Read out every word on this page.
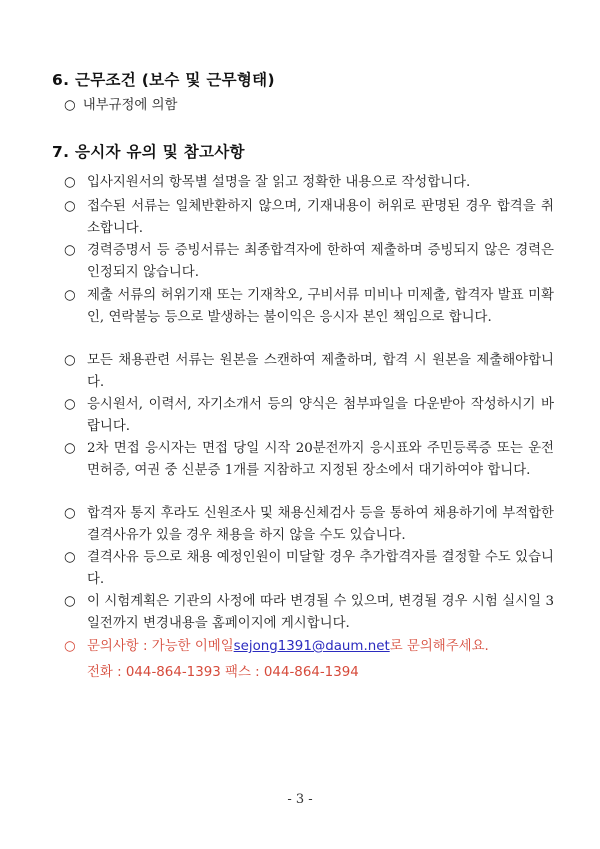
6. 근무조건 (보수 및 근무형태)
○ 내부규정에 의함
7. 응시자 유의 및 참고사항
○ 입사지원서의 항목별 설명을 잘 읽고 정확한 내용으로 작성합니다.
○ 접수된 서류는 일체반환하지 않으며, 기재내용이 허위로 판명된 경우 합격을 취소합니다.
○ 경력증명서 등 증빙서류는 최종합격자에 한하여 제출하며 증빙되지 않은 경력은 인정되지 않습니다.
○ 제출 서류의 허위기재 또는 기재착오, 구비서류 미비나 미제출, 합격자 발표 미확인, 연락불능 등으로 발생하는 불이익은 응시자 본인 책임으로 합니다.
○ 모든 채용관련 서류는 원본을 스캔하여 제출하며, 합격 시 원본을 제출해야합니다.
○ 응시원서, 이력서, 자기소개서 등의 양식은 첨부파일을 다운받아 작성하시기 바랍니다.
○ 2차 면접 응시자는 면접 당일 시작 20분전까지 응시표와 주민등록증 또는 운전면허증, 여권 중 신분증 1개를 지참하고 지정된 장소에서 대기하여야 합니다.
○ 합격자 통지 후라도 신원조사 및 채용신체검사 등을 통하여 채용하기에 부적합한 결격사유가 있을 경우 채용을 하지 않을 수도 있습니다.
○ 결격사유 등으로 채용 예정인원이 미달할 경우 추가합격자를 결정할 수도 있습니다.
○ 이 시험계획은 기관의 사정에 따라 변경될 수 있으며, 변경될 경우 시험 실시일 3일전까지 변경내용을 홈페이지에 게시합니다.
○ 문의사항 : 가능한 이메일sejong1391@daum.net로 문의해주세요.
전화 : 044-864-1393 팩스 : 044-864-1394
- 3 -
